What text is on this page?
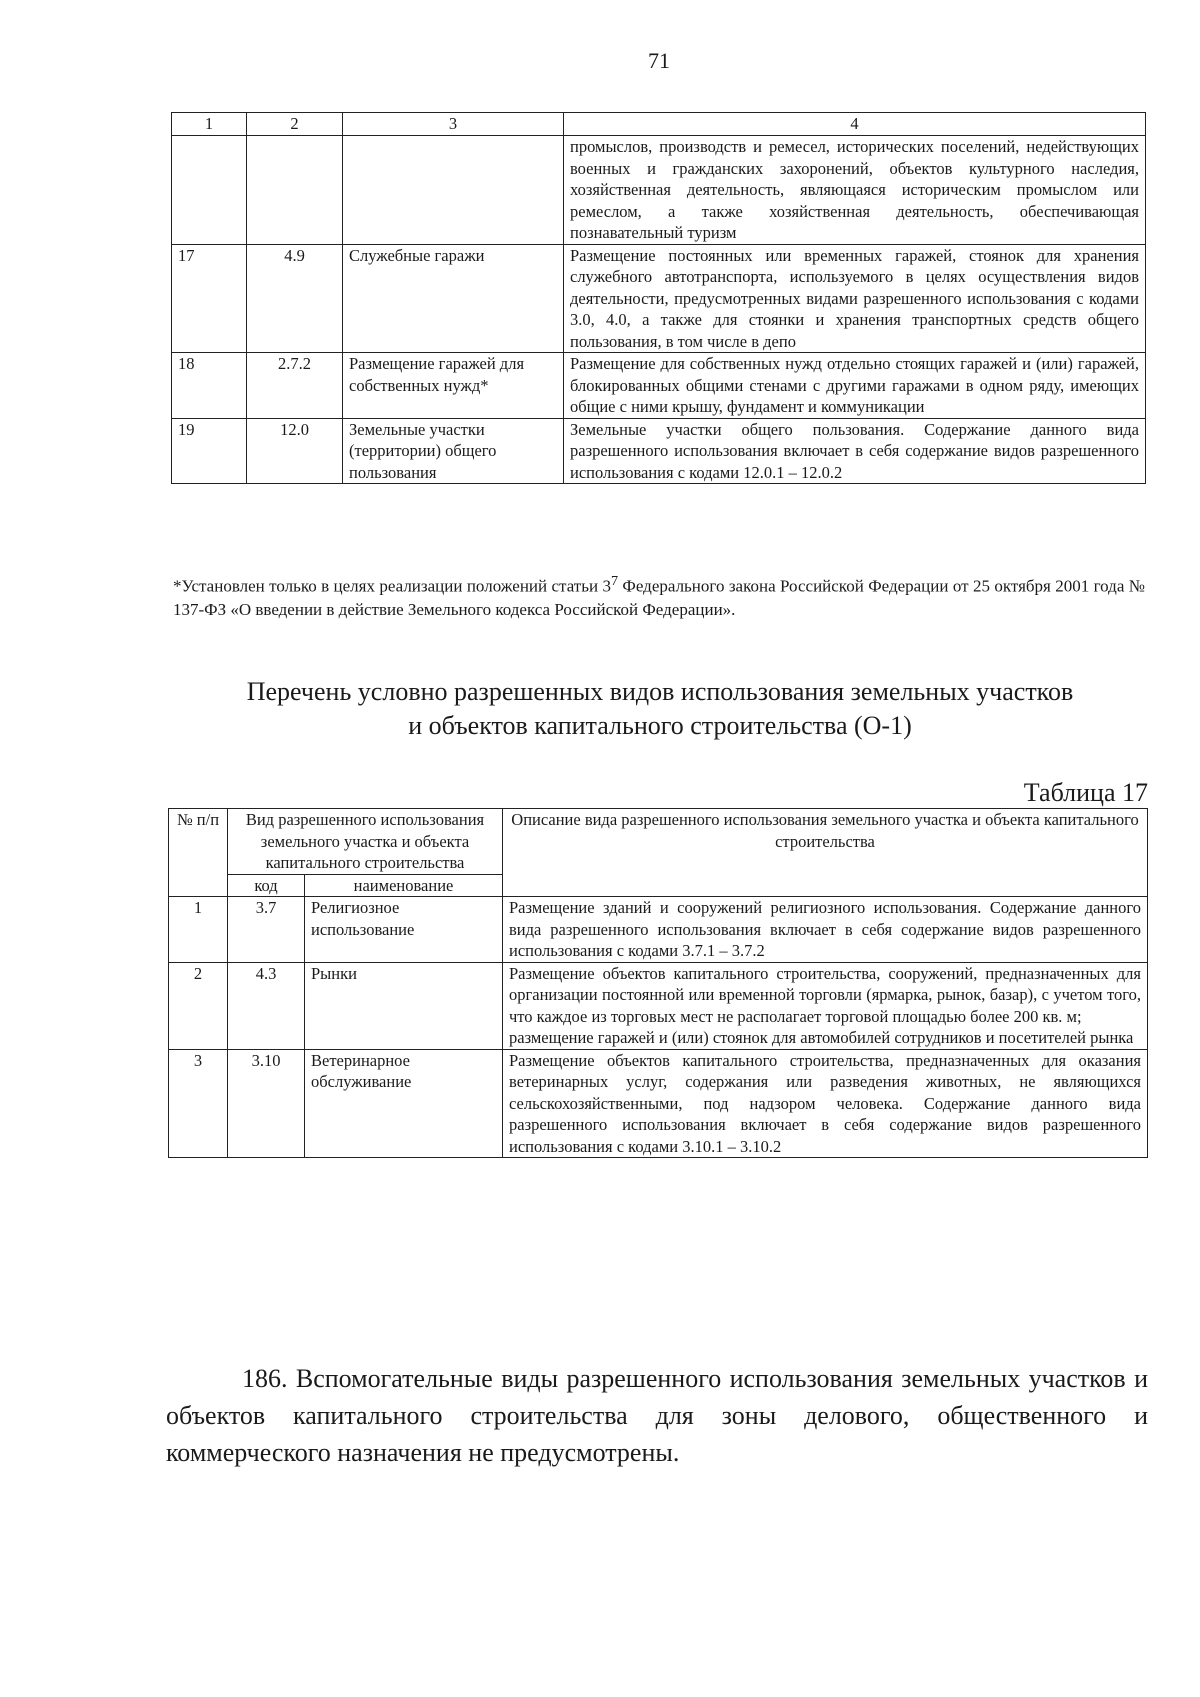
71
1	2	3	4
			промыслов, производств и ремесел, исторических поселений, недействующих военных и гражданских захоронений, объектов культурного наследия, хозяйственная деятельность, являющаяся историческим промыслом или ремеслом, а также хозяйственная деятельность, обеспечивающая познавательный туризм
17	4.9	Служебные гаражи	Размещение постоянных или временных гаражей, стоянок для хранения служебного автотранспорта, используемого в целях осуществления видов деятельности, предусмотренных видами разрешенного использования с кодами 3.0, 4.0, а также для стоянки и хранения транспортных средств общего пользования, в том числе в депо
18	2.7.2	Размещение гаражей для собственных нужд*	Размещение для собственных нужд отдельно стоящих гаражей и (или) гаражей, блокированных общими стенами с другими гаражами в одном ряду, имеющих общие с ними крышу, фундамент и коммуникации
19	12.0	Земельные участки (территории) общего пользования	Земельные участки общего пользования. Содержание данного вида разрешенного использования включает в себя содержание видов разрешенного использования с кодами 12.0.1 – 12.0.2
*Установлен только в целях реализации положений статьи $3^7$ Федерального закона Российской Федерации от 25 октября 2001 года № 137-ФЗ «О введении в действие Земельного кодекса Российской Федерации».
Перечень условно разрешенных видов использования земельных участков
и объектов капитального строительства (О-1)
Таблица 17
№ п/п	Вид разрешенного использования земельного участка и объекта капитального строительства		Описание вида разрешенного использования земельного участка и объекта капитального строительства
	код	наименование	
1	3.7	Религиозное использование	Размещение зданий и сооружений религиозного использования. Содержание данного вида разрешенного использования включает в себя содержание видов разрешенного использования с кодами 3.7.1 – 3.7.2

2	4.3	Рынки	Размещение объектов капитального строительства, сооружений, предназначенных для организации постоянной или временной торговли (ярмарка, рынок, базар), с учетом того, что каждое из торговых мест не располагает торговой площадью более 200 кв. м;
размещение гаражей и (или) стоянок для автомобилей сотрудников и посетителей рынка

3	3.10	Ветеринарное обслуживание	Размещение объектов капитального строительства, предназначенных для оказания ветеринарных услуг, содержания или разведения животных, не являющихся сельскохозяйственными, под надзором человека. Содержание данного вида разрешенного использования включает в себя содержание видов разрешенного использования с кодами 3.10.1 – 3.10.2
186. Вспомогательные виды разрешенного использования земельных участков и объектов капитального строительства для зоны делового, общественного и коммерческого назначения не предусмотрены.
